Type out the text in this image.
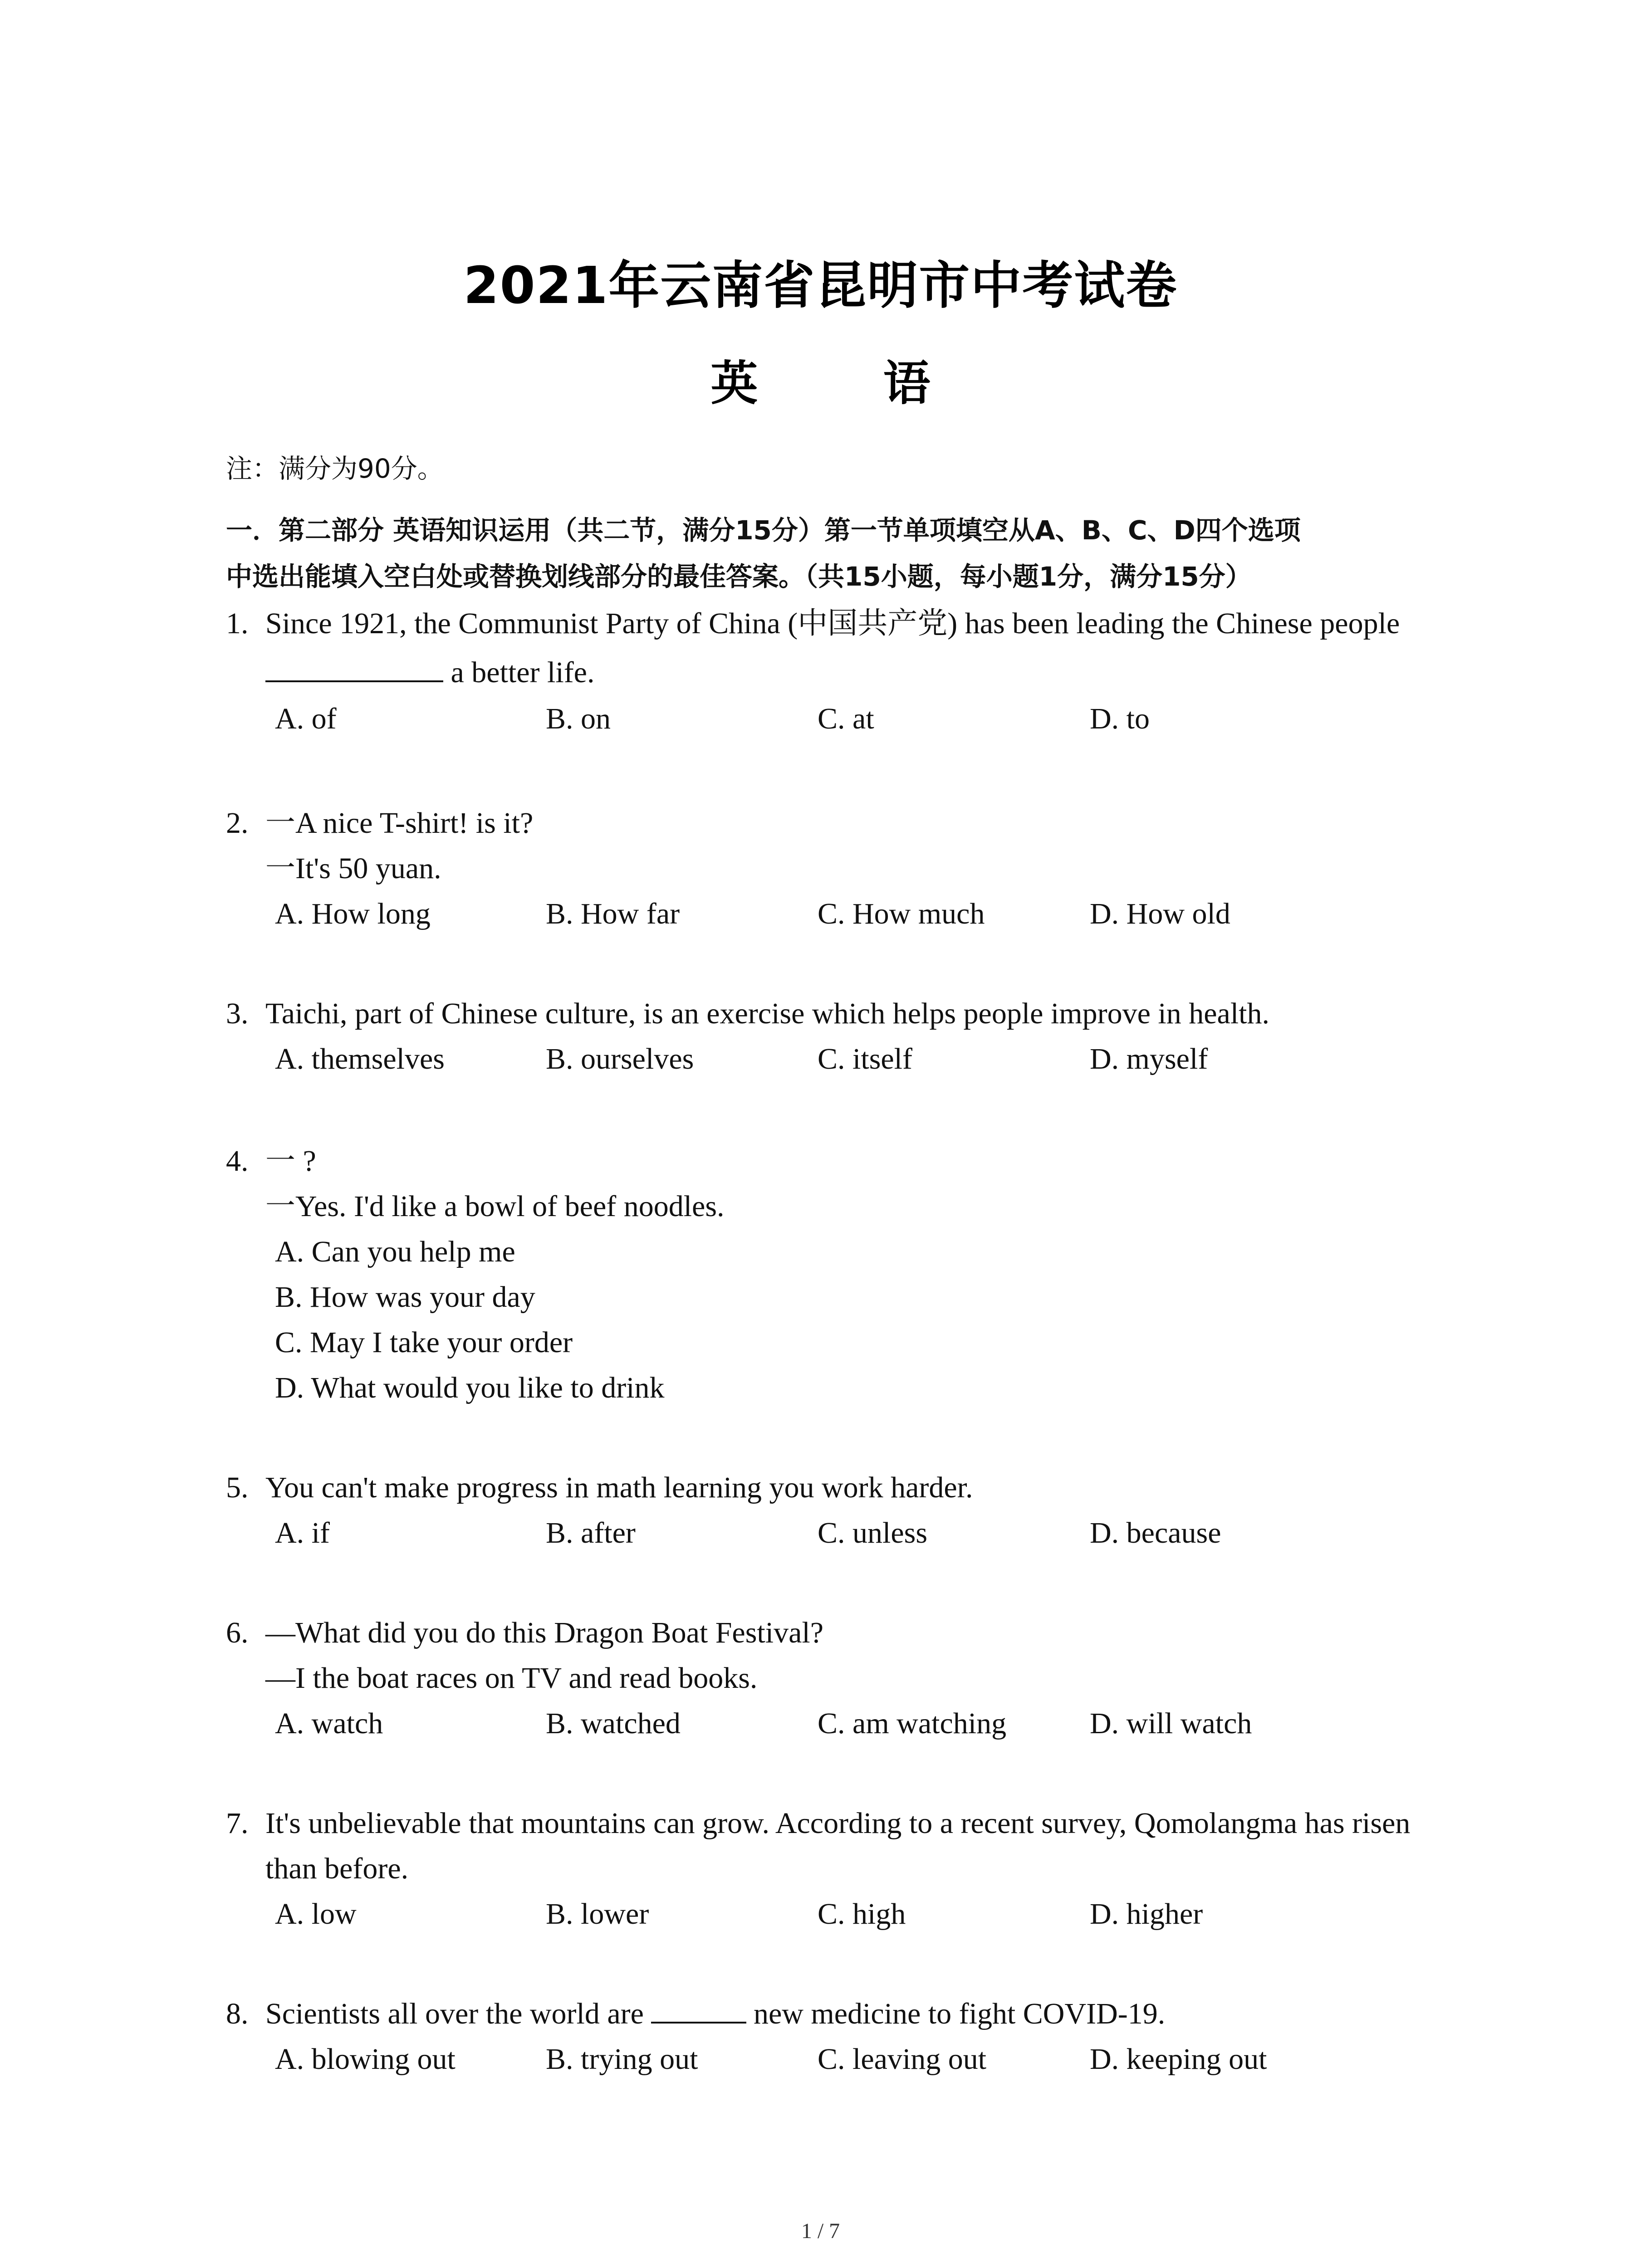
2021年云南省昆明市中考试卷
英 语
注：满分为90分。
一．第二部分 英语知识运用（共二节，满分15分）第一节单项填空从A、B、C、D四个选项
中选出能填入空白处或替换划线部分的最佳答案。（共15小题，每小题1分，满分15分）
1. Since 1921, the Communist Party of China (中国共产党) has been leading the Chinese people
a better life.
A. of	B. on	C. at	D. to
2. 一A nice T-shirt! is it?
一It's 50 yuan.
A. How long	B. How far	C. How much	D. How old
3. Taichi, part of Chinese culture, is an exercise which helps people improve in health.
A. themselves	B. ourselves	C. itself	D. myself
4. 一 ?
一Yes. I'd like a bowl of beef noodles.
A. Can you help me
B. How was your day
C. May I take your order
D. What would you like to drink
5. You can't make progress in math learning you work harder.
A. if	B. after	C. unless	D. because
6. —What did you do this Dragon Boat Festival?
—I the boat races on TV and read books.
A. watch	B. watched	C. am watching	D. will watch
7. It's unbelievable that mountains can grow. According to a recent survey, Qomolangma has risen
than before.
A. low	B. lower	C. high	D. higher
8. Scientists all over the world are	new medicine to fight COVID-19.
A. blowing out	B. trying out	C. leaving out	D. keeping out
1 / 7
